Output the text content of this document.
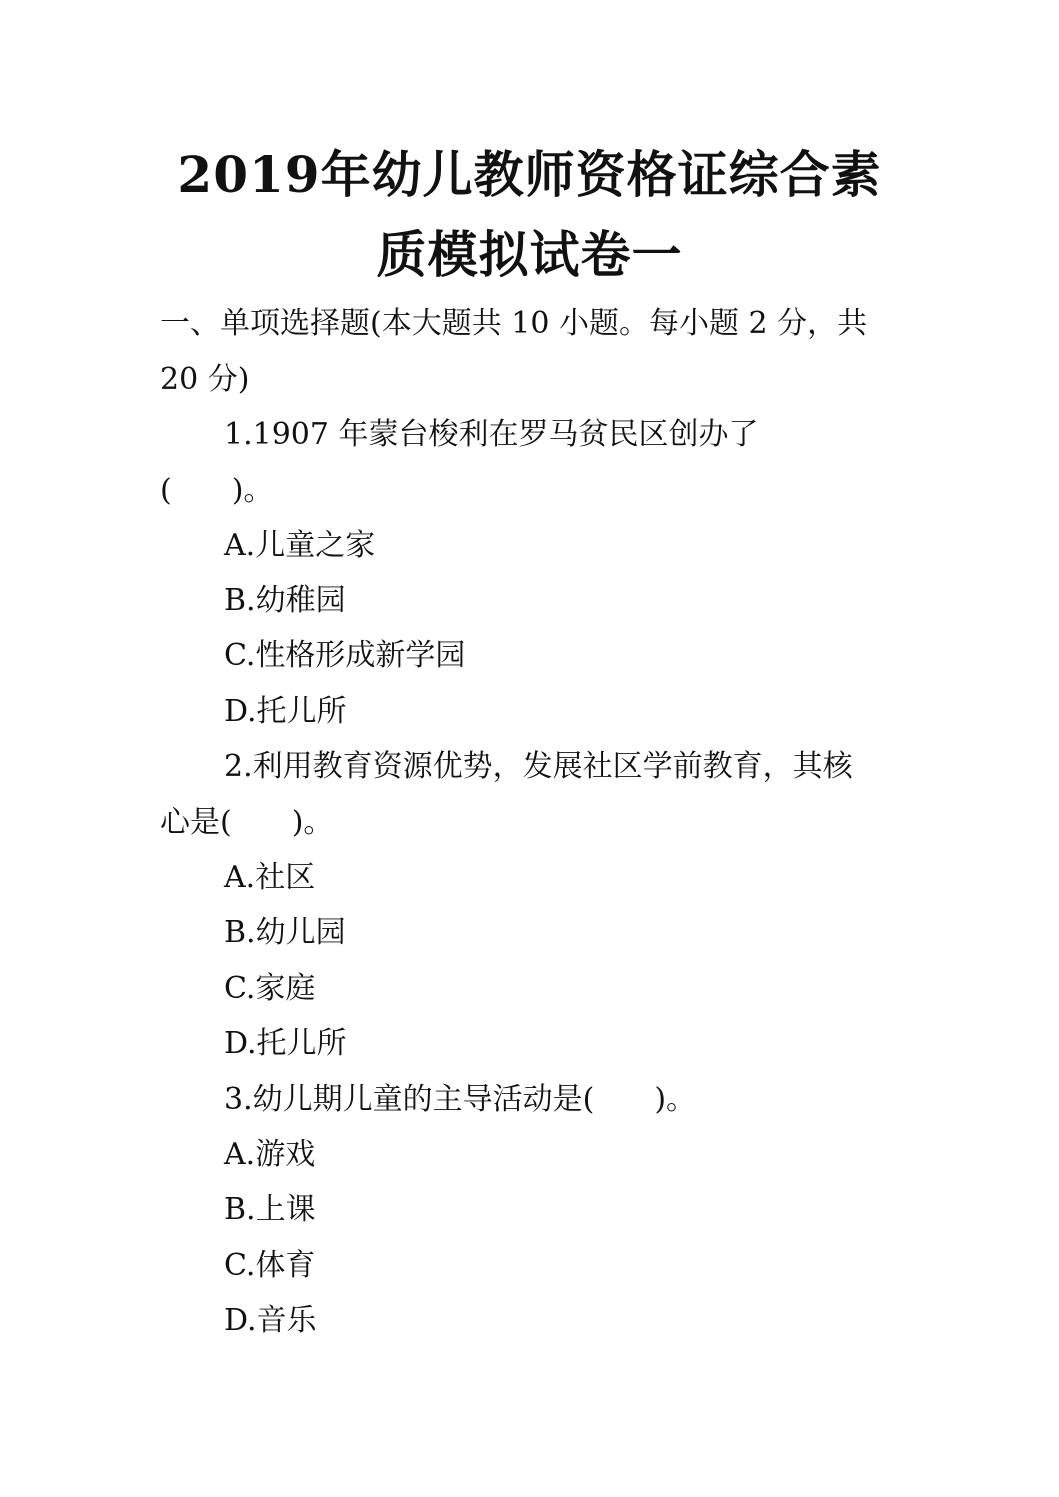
2019年幼儿教师资格证综合素
质模拟试卷一
一、单项选择题(本大题共 10 小题。每小题 2 分，共
20 分)
1.1907 年蒙台梭利在罗马贫民区创办了
(　　)。
A.儿童之家
B.幼稚园
C.性格形成新学园
D.托儿所
2.利用教育资源优势，发展社区学前教育，其核
心是(　　)。
A.社区
B.幼儿园
C.家庭
D.托儿所
3.幼儿期儿童的主导活动是(　　)。
A.游戏
B.上课
C.体育
D.音乐
